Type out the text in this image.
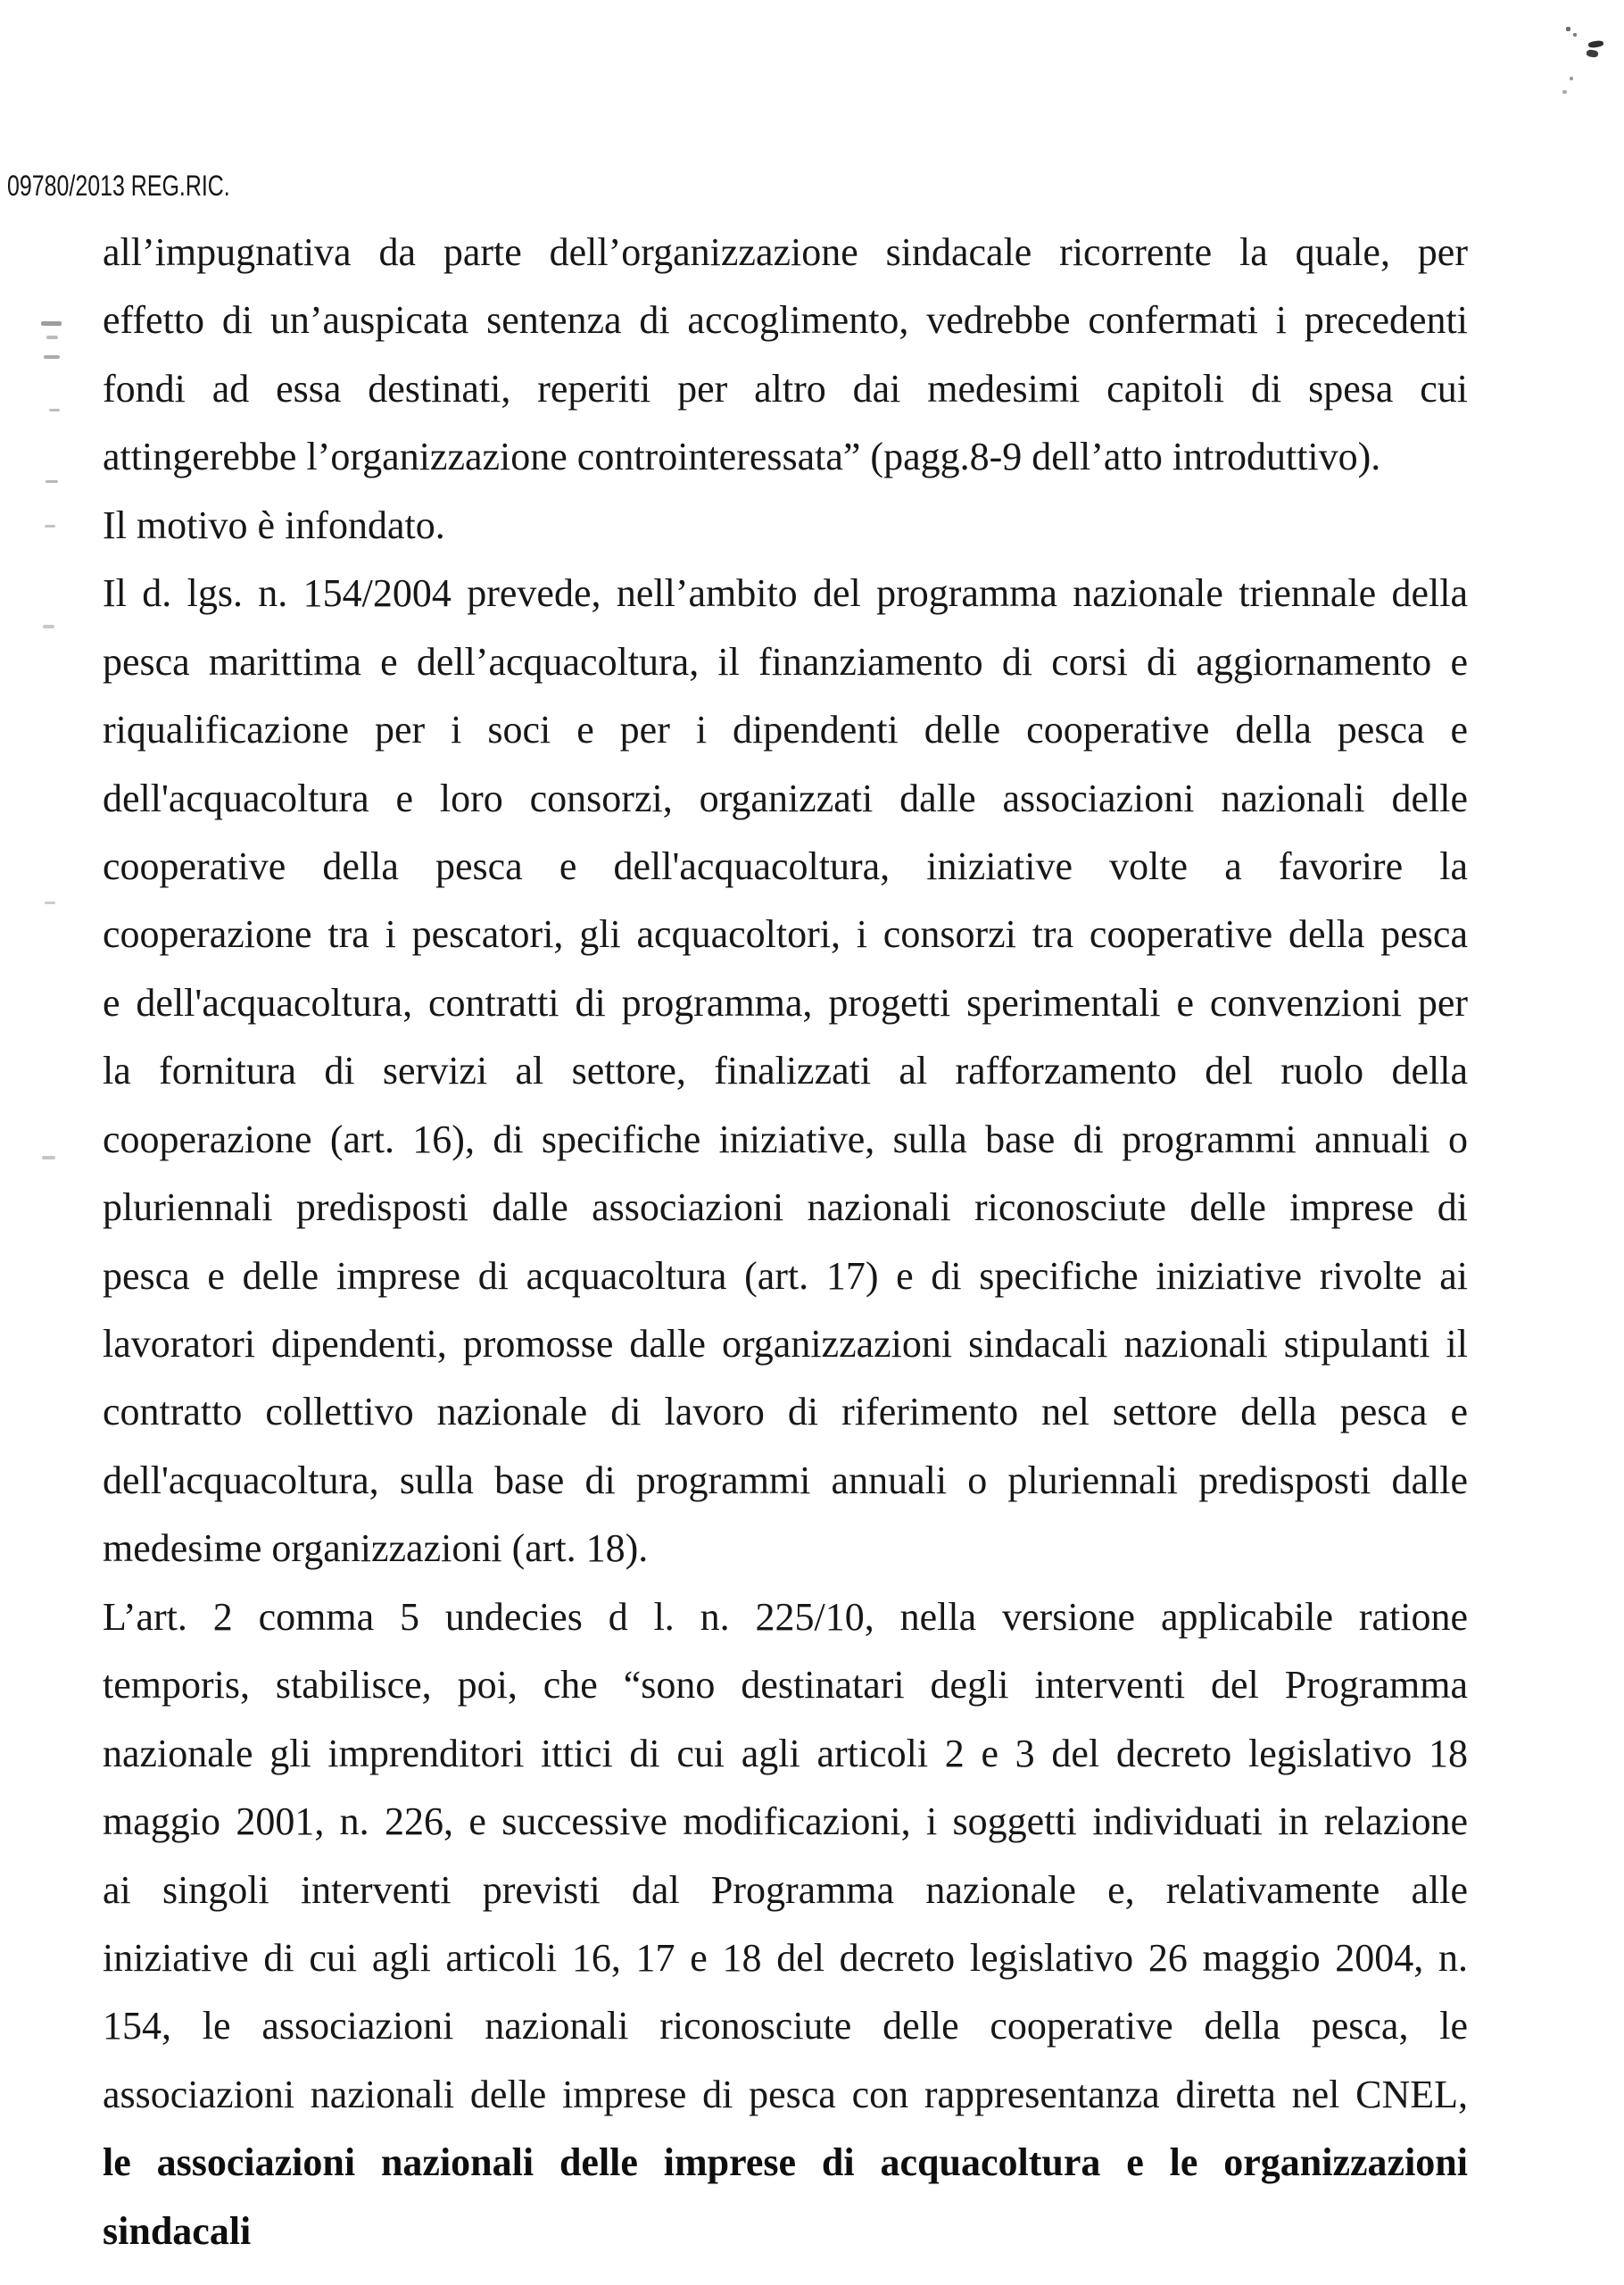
09780/2013 REG.RIC.
all’impugnativa da parte dell’organizzazione sindacale ricorrente la quale, per
effetto di un’auspicata sentenza di accoglimento, vedrebbe confermati i precedenti
fondi ad essa destinati, reperiti per altro dai medesimi capitoli di spesa cui
attingerebbe l’organizzazione controinteressata” (pagg.8-9 dell’atto introduttivo).
Il motivo è infondato.
Il d. lgs. n. 154/2004 prevede, nell’ambito del programma nazionale triennale della
pesca marittima e dell’acquacoltura, il finanziamento di corsi di aggiornamento e
riqualificazione per i soci e per i dipendenti delle cooperative della pesca e
dell'acquacoltura e loro consorzi, organizzati dalle associazioni nazionali delle
cooperative della pesca e dell'acquacoltura, iniziative volte a favorire la
cooperazione tra i pescatori, gli acquacoltori, i consorzi tra cooperative della pesca
e dell'acquacoltura, contratti di programma, progetti sperimentali e convenzioni per
la fornitura di servizi al settore, finalizzati al rafforzamento del ruolo della
cooperazione (art. 16), di specifiche iniziative, sulla base di programmi annuali o
pluriennali predisposti dalle associazioni nazionali riconosciute delle imprese di
pesca e delle imprese di acquacoltura (art. 17) e di specifiche iniziative rivolte ai
lavoratori dipendenti, promosse dalle organizzazioni sindacali nazionali stipulanti il
contratto collettivo nazionale di lavoro di riferimento nel settore della pesca e
dell'acquacoltura, sulla base di programmi annuali o pluriennali predisposti dalle
medesime organizzazioni (art. 18).
L’art. 2 comma 5 undecies d l. n. 225/10, nella versione applicabile ratione
temporis, stabilisce, poi, che “sono destinatari degli interventi del Programma
nazionale gli imprenditori ittici di cui agli articoli 2 e 3 del decreto legislativo 18
maggio 2001, n. 226, e successive modificazioni, i soggetti individuati in relazione
ai singoli interventi previsti dal Programma nazionale e, relativamente alle
iniziative di cui agli articoli 16, 17 e 18 del decreto legislativo 26 maggio 2004, n.
154, le associazioni nazionali riconosciute delle cooperative della pesca, le
associazioni nazionali delle imprese di pesca con rappresentanza diretta nel CNEL,
le associazioni nazionali delle imprese di acquacoltura e le organizzazioni sindacali
